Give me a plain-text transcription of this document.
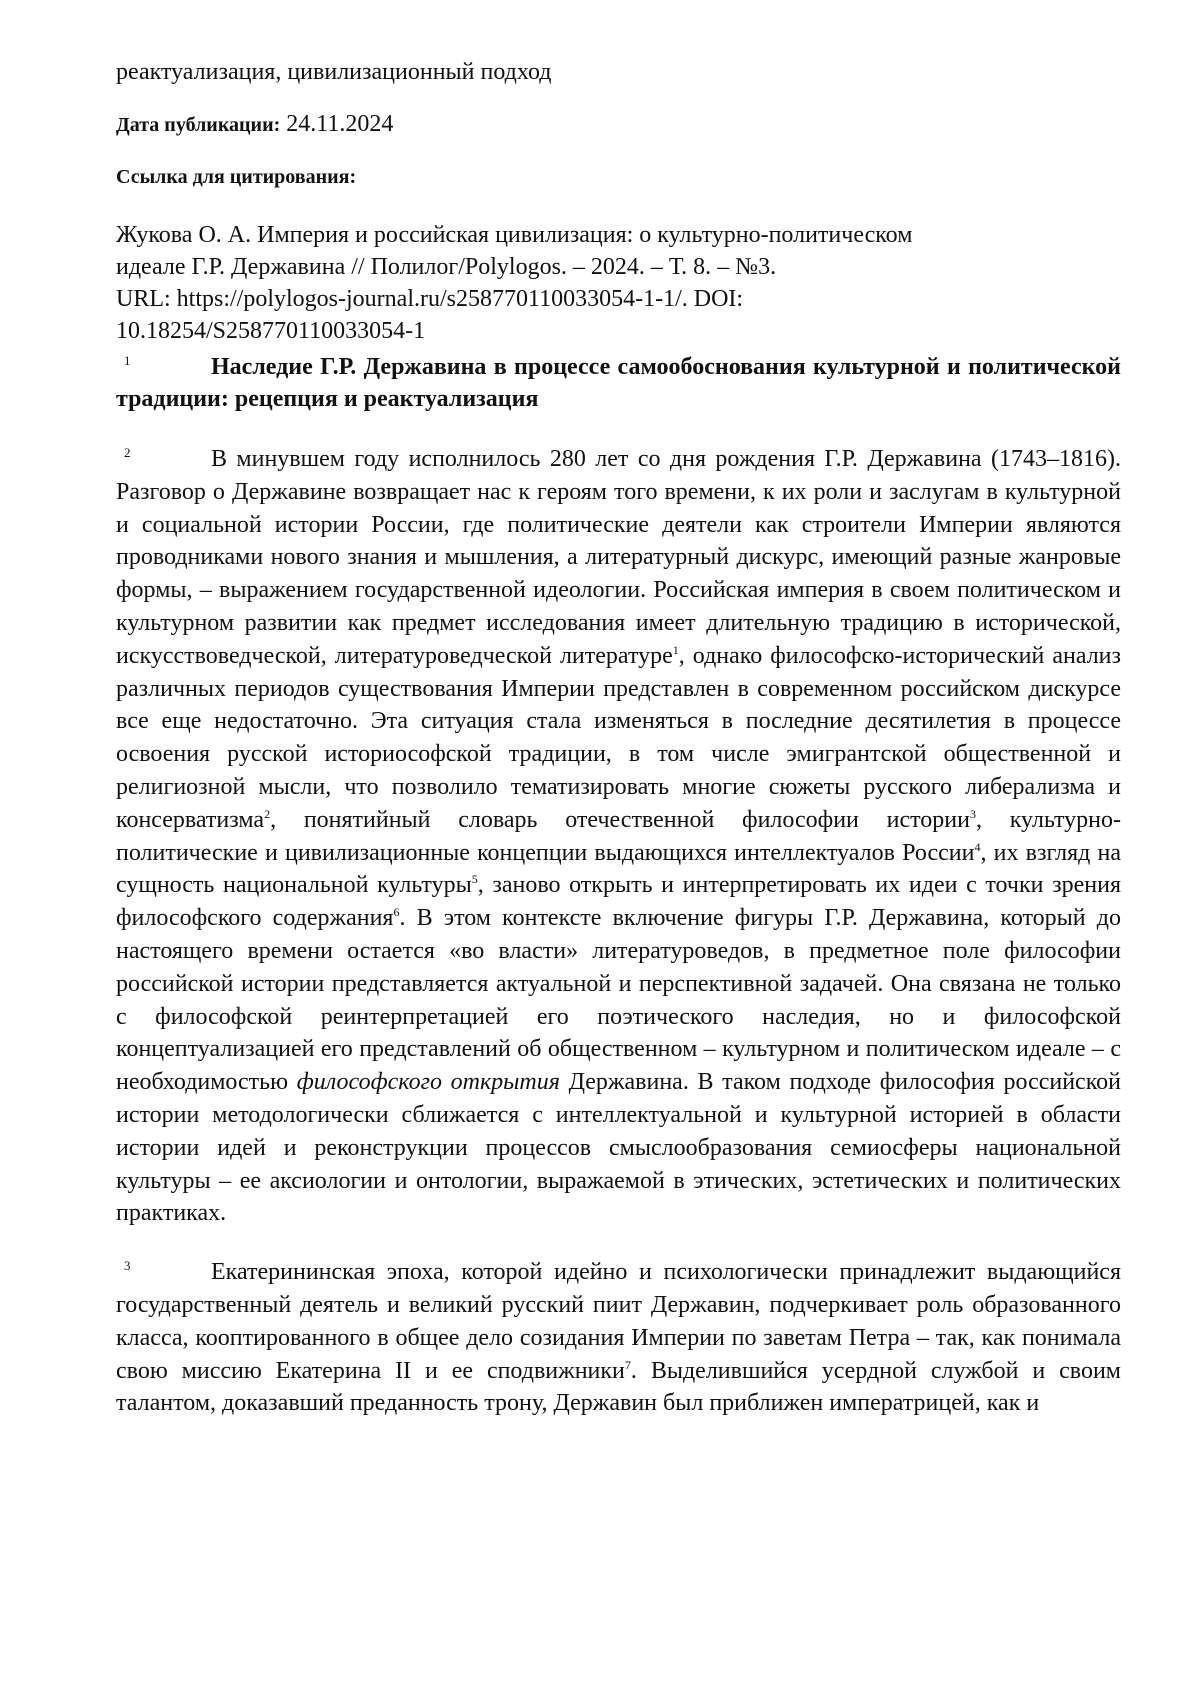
реактуализация, цивилизационный подход

Дата публикации: 24.11.2024
Ссылка для цитирования:
Жукова О. А. Империя и российская цивилизация: о культурно-политическом
идеале Г.Р. Державина // Полилог/Polylogos. – 2024. – Т. 8. – №3.
URL: https://polylogos-journal.ru/s258770110033054-1-1/. DOI:
10.18254/S258770110033054-1
1	Наследие Г.Р. Державина в процессе самообоснования культурной и политической традиции: рецепция и реактуализация

2	В минувшем году исполнилось 280 лет со дня рождения Г.Р. Державина (1743–1816). Разговор о Державине возвращает нас к героям того времени, к их роли и заслугам в культурной и социальной истории России, где политические деятели как строители Империи являются проводниками нового знания и мышления, а литературный дискурс, имеющий разные жанровые формы, – выражением государственной идеологии. Российская империя в своем политическом и культурном развитии как предмет исследования имеет длительную традицию в исторической, искусствоведческой, литературоведческой литературе$^1$, однако философско-исторический анализ различных периодов существования Империи представлен в современном российском дискурсе все еще недостаточно. Эта ситуация стала изменяться в последние десятилетия в процессе освоения русской историософской традиции, в том числе эмигрантской общественной и религиозной мысли, что позволило тематизировать многие сюжеты русского либерализма и консерватизма$^2$, понятийный словарь отечественной философии истории$^3$, культурно-политические и цивилизационные концепции выдающихся интеллектуалов России$^4$, их взгляд на сущность национальной культуры$^5$, заново открыть и интерпретировать их идеи с точки зрения философского содержания$^6$. В этом контексте включение фигуры Г.Р. Державина, который до настоящего времени остается «во власти» литературоведов, в предметное поле философии российской истории представляется актуальной и перспективной задачей. Она связана не только с философской реинтерпретацией его поэтического наследия, но и философской концептуализацией его представлений об общественном – культурном и политическом идеале – с необходимостью философского открытия Державина. В таком подходе философия российской истории методологически сближается с интеллектуальной и культурной историей в области истории идей и реконструкции процессов смыслообразования семиосферы национальной культуры – ее аксиологии и онтологии, выражаемой в этических, эстетических и политических практиках.

3	Екатерининская эпоха, которой идейно и психологически принадлежит выдающийся государственный деятель и великий русский пиит Державин, подчеркивает роль образованного класса, кооптированного в общее дело созидания Империи по заветам Петра – так, как понимала свою миссию Екатерина II и ее сподвижники$^7$. Выделившийся усердной службой и своим талантом, доказавший преданность трону, Державин был приближен императрицей, как и
